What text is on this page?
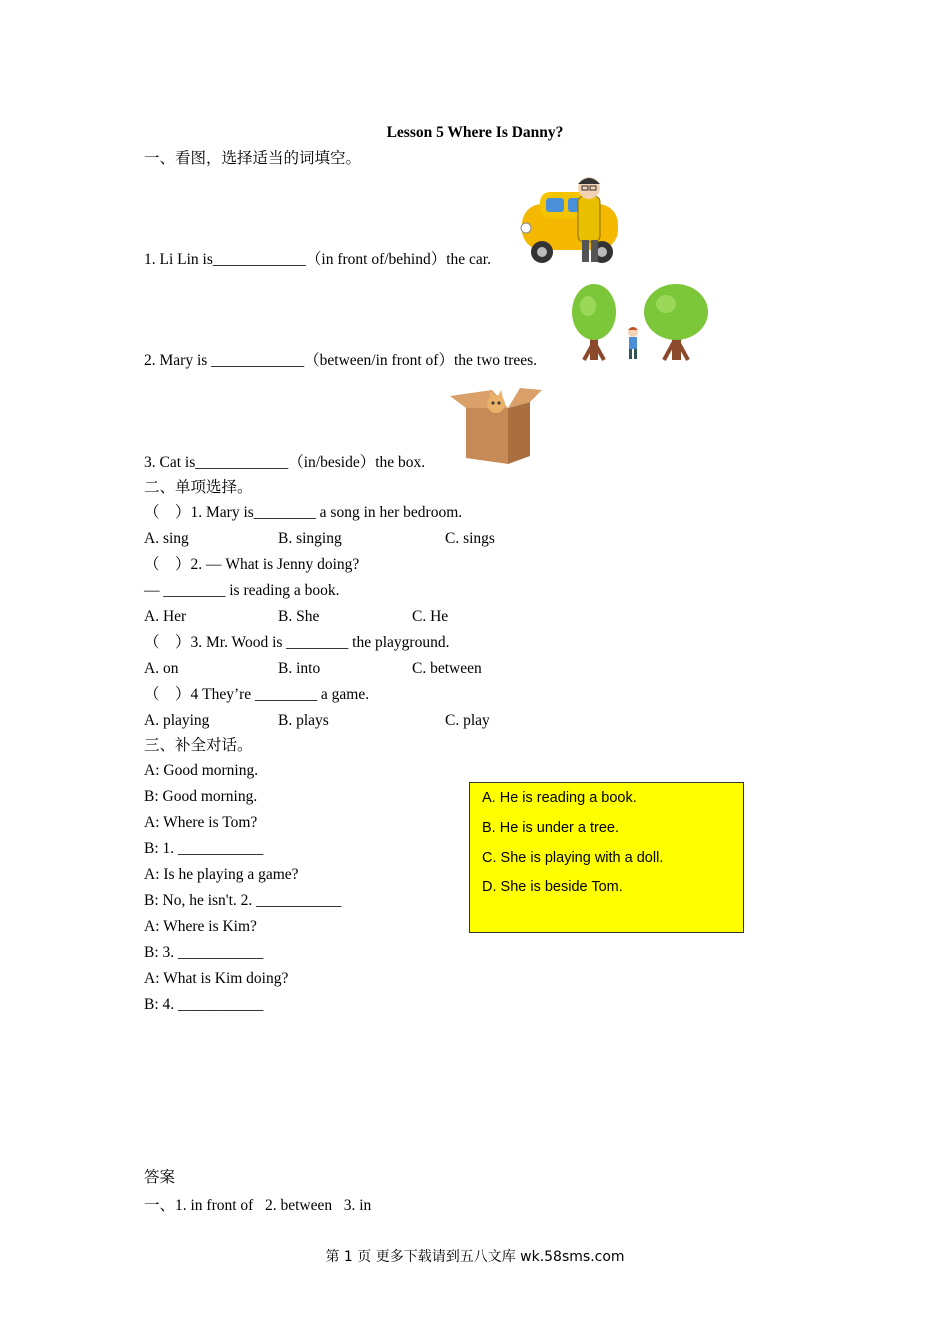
Lesson 5 Where Is Danny?
一、看图，选择适当的词填空。
1. Li Lin is____________（in front of/behind）the car.
2. Mary is ____________（between/in front of）the two trees.
3. Cat is____________（in/beside）the box.
二、单项选择。
（　）1. Mary is________ a song in her bedroom.
A. sing	B. singing	C. sings
（　）2. — What is Jenny doing?
— ________ is reading a book.
A. Her	B. She	C. He
（　）3. Mr. Wood is ________ the playground.
A. on	B. into	C. between
（　）4 They’re ________ a game.
A. playing	B. plays	C. play
三、补全对话。
A: Good morning.
B: Good morning.
A: Where is Tom?
B: 1. ___________
A: Is he playing a game?
B: No, he isn't. 2. ___________
A: Where is Kim?
B: 3. ___________
A: What is Kim doing?
B: 4. ___________
A. He is reading a book.
B. He is under a tree.
C. She is playing with a doll.
D. She is beside Tom.
答案
一、1. in front of   2. between   3. in
第 1 页 更多下载请到五八文库 wk.58sms.com
